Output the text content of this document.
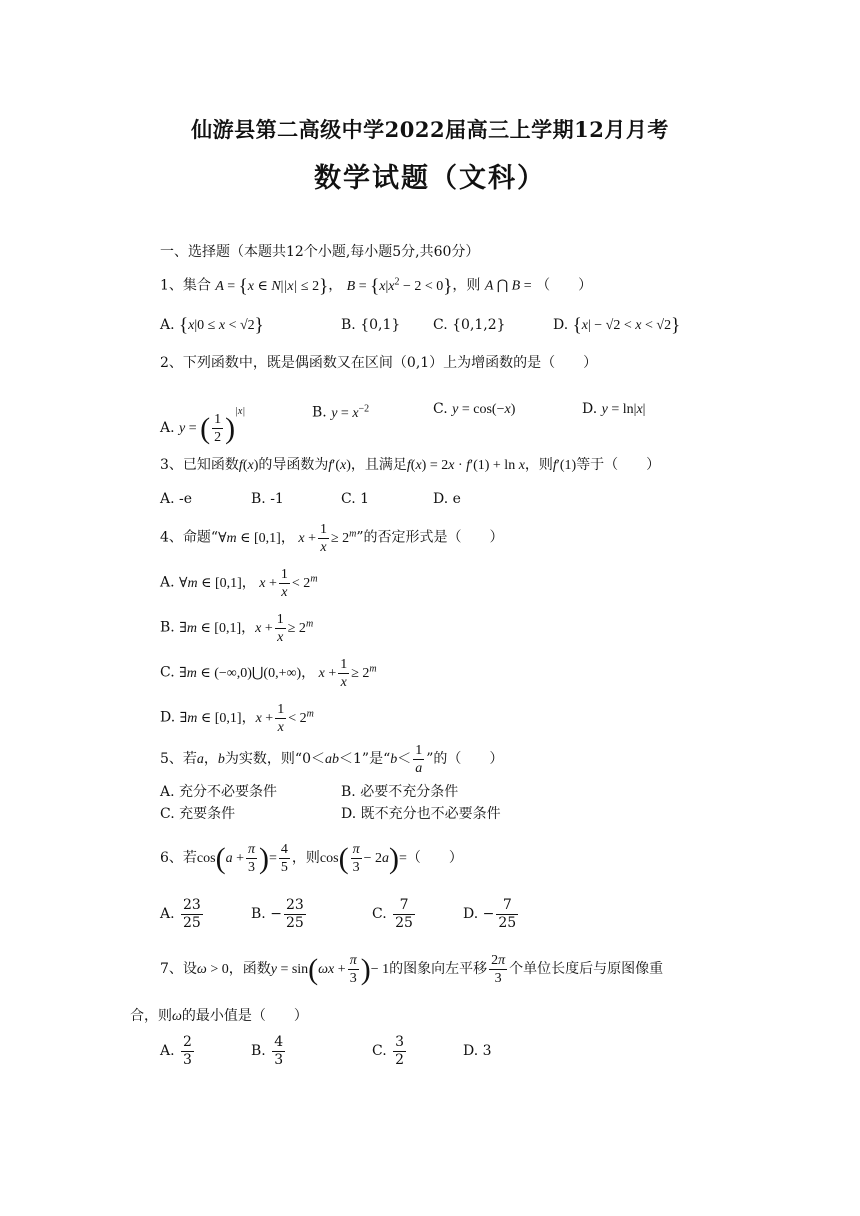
仙游县第二高级中学2022届高三上学期12月月考
数学试题（文科）
一、选择题（本题共12个小题,每小题5分,共60分）
1、集合 A = {x ∈ N||x| ≤ 2}， $B = \{x|x^2 - 2 < 0\}$，则 A ⋂ B = （　　）
A. {x|0 ≤ x < √2}	B. {0,1} C. {0,1,2}	D. {x| − √2 < x < √2}
2、下列函数中，既是偶函数又在区间（0,1）上为增函数的是（　　）
A. y = ( $\frac{1}{2} )^{|x|}$	B. $y = x^{-2}$	C. y = cos(−x)	D. y = ln|x|
3、已知函数f(x)的导函数为f′(x)，且满足f(x) = 2x · f′(1) + ln x，则f′(1)等于（　　）
A. -e	B. -1	C. 1	D. e
4、命题“∀m ∈ [0,1]， $x + \frac{1}{x} \ge 2^m$”的否定形式是（　　）
A. ∀m ∈ [0,1]， $x + \frac{1}{x} < 2^m$
B. ∃m ∈ [0,1]，$x + \frac{1}{x} \ge 2^m$
C. ∃m ∈ (−∞,0)⋃(0,+∞)， $x + \frac{1}{x} \ge 2^m$
D. ∃m ∈ [0,1]，$x + \frac{1}{x} < 2^m$
5、若a，b为实数，则“0＜ab＜1”是“$b< \frac{1}{a}$ ”的（　　）
A. 充分不必要条件	B. 必要不充分条件
C. 充要条件	D. 既不充分也不必要条件
6、若$\cos(a + \frac{\pi}{3}$ )= $\frac{4}{5}$ ，则$\cos( \frac{\pi}{3} - 2a)=$（　　）
A. $\frac{23}{25}$	B. − $\frac{23}{25}$	C. $\frac{7}{25}$	D. − $\frac{7}{25}$
7、设ω > 0，函数$y = \sin(\omega x + \frac{\pi}{3}$ )− 1的图象向左平移 $\frac{2\pi}{3}$ 个单位长度后与原图像重
合，则ω的最小值是（　　）
A. $\frac{2}{3}$	B. $\frac{4}{3}$	C. $\frac{3}{2}$	D. 3
